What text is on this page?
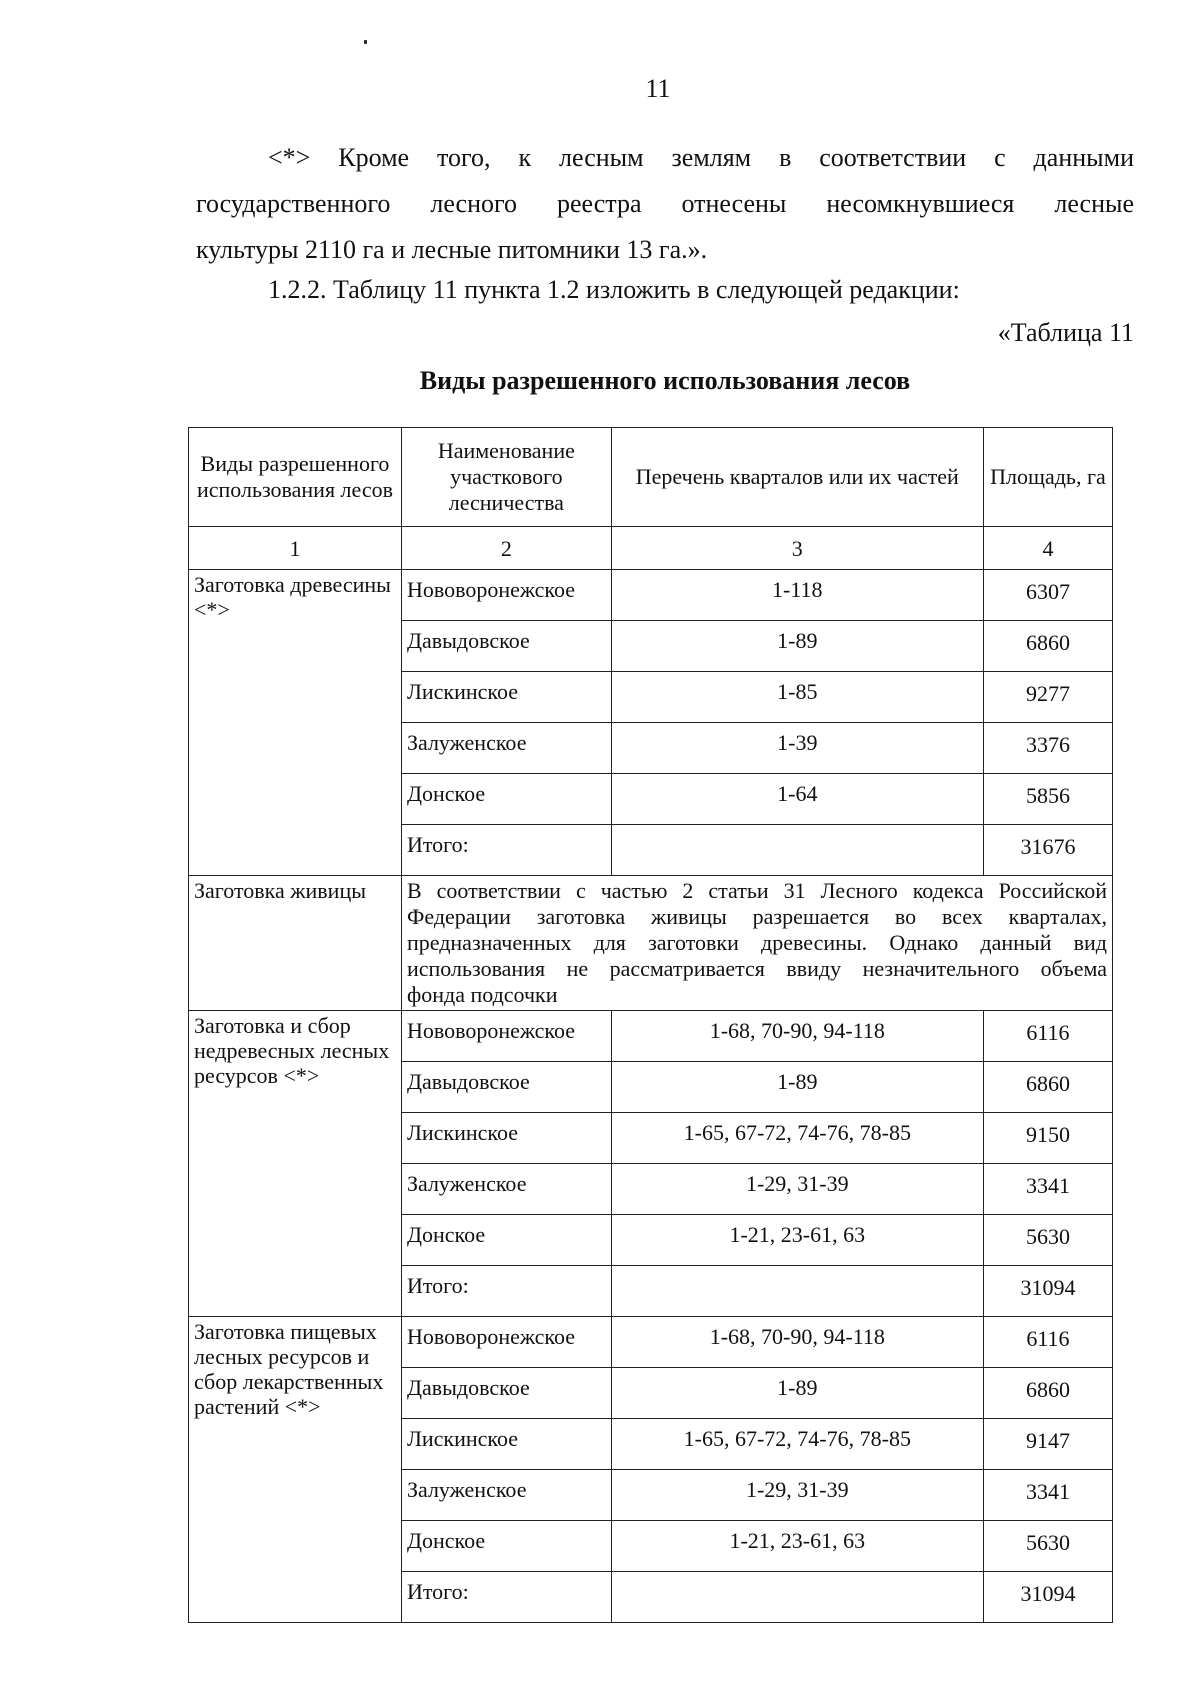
11
<*> Кроме того, к лесным землям в соответствии с данными
государственного лесного реестра отнесены несомкнувшиеся лесные
культуры 2110 га и лесные питомники 13 га.».
1.2.2. Таблицу 11 пункта 1.2 изложить в следующей редакции:
«Таблица 11
Виды разрешенного использования лесов
Виды разрешенного использования лесов	Наименование участкового лесничества	Перечень кварталов или их частей	Площадь, га
1	2	3	4
Заготовка древесины <*>	Нововоронежское	1-118	6307
	Давыдовское	1-89	6860
	Лискинское	1-85	9277
	Залуженское	1-39	3376
	Донское	1-64	5856
	Итого:		31676
Заготовка живицы	В соответствии с частью 2 статьи 31 Лесного кодекса Российской
Федерации заготовка живицы разрешается во всех кварталах,
предназначенных для заготовки древесины. Однако данный вид
использования не рассматривается ввиду незначительного объема
фонда подсочки		

Заготовка и сбор недревесных лесных ресурсов <*>	Нововоронежское	1-68, 70-90, 94-118	6116
	Давыдовское	1-89	6860
	Лискинское	1-65, 67-72, 74-76, 78-85	9150
	Залуженское	1-29, 31-39	3341
	Донское	1-21, 23-61, 63	5630
	Итого:		31094
Заготовка пищевых лесных ресурсов и сбор лекарственных растений <*>	Нововоронежское	1-68, 70-90, 94-118	6116
	Давыдовское	1-89	6860
	Лискинское	1-65, 67-72, 74-76, 78-85	9147
	Залуженское	1-29, 31-39	3341
	Донское	1-21, 23-61, 63	5630
	Итого:		31094
